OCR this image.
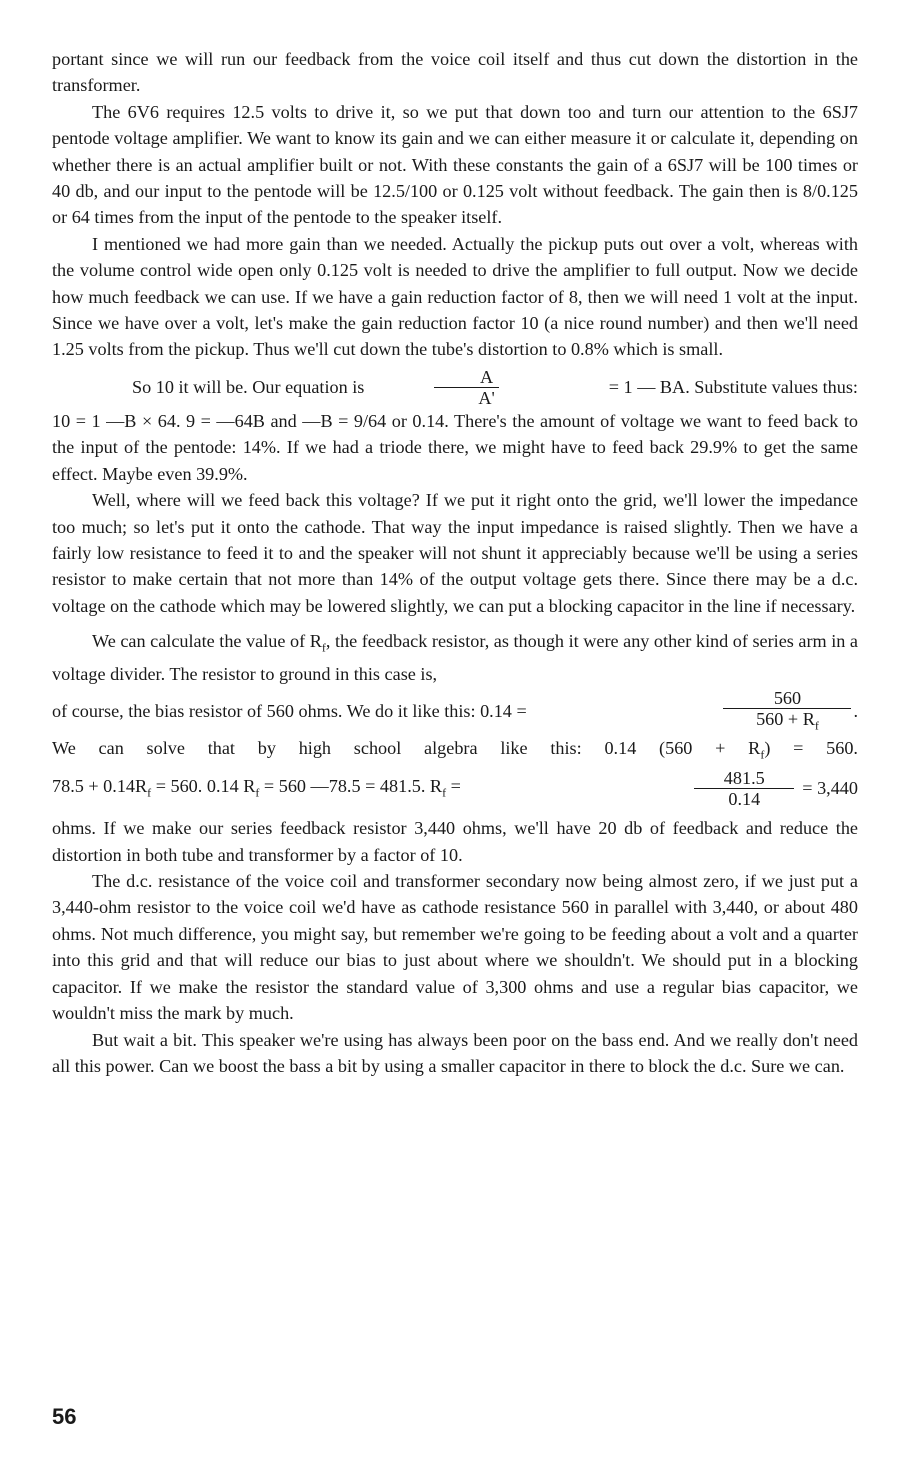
portant since we will run our feedback from the voice coil itself and thus cut down the distortion in the transformer.

The 6V6 requires 12.5 volts to drive it, so we put that down too and turn our attention to the 6SJ7 pentode voltage amplifier. We want to know its gain and we can either measure it or calculate it, depending on whether there is an actual amplifier built or not. With these constants the gain of a 6SJ7 will be 100 times or 40 db, and our input to the pentode will be 12.5/100 or 0.125 volt without feedback. The gain then is 8/0.125 or 64 times from the input of the pentode to the speaker itself.

I mentioned we had more gain than we needed. Actually the pickup puts out over a volt, whereas with the volume control wide open only 0.125 volt is needed to drive the amplifier to full output. Now we decide how much feedback we can use. If we have a gain reduction factor of 8, then we will need 1 volt at the input. Since we have over a volt, let's make the gain reduction factor 10 (a nice round number) and then we'll need 1.25 volts from the pickup. Thus we'll cut down the tube's distortion to 0.8% which is small.

So 10 it will be. Our equation is	$\frac{A}{A'}$	= 1 — BA. Substitute values thus:

10 = 1 —B × 64. 9 = —64B and —B = 9/64 or 0.14. There's the amount of voltage we want to feed back to the input of the pentode: 14%. If we had a triode there, we might have to feed back 29.9% to get the same effect. Maybe even 39.9%.

Well, where will we feed back this voltage? If we put it right onto the grid, we'll lower the impedance too much; so let's put it onto the cathode. That way the input impedance is raised slightly. Then we have a fairly low resistance to feed it to and the speaker will not shunt it appreciably because we'll be using a series resistor to make certain that not more than 14% of the output voltage gets there. Since there may be a d.c. voltage on the cathode which may be lowered slightly, we can put a blocking capacitor in the line if necessary.

We can calculate the value of $R_f$, the feedback resistor, as though it were any other kind of series arm in a voltage divider. The resistor to ground in this case is,

of course, the bias resistor of 560 ohms. We do it like this: 0.14 =	$\frac{560}{560 + R_f}$ .

We can solve that by high school algebra like this: 0.14 $(560 + R_f) = 560$.

$78.5 + 0.14R_f = 560$. 0.14 $R_f = 560$ —78.5 = 481.5. $R_f$ =	$\frac{481.5}{0.14} = 3,440$

ohms. If we make our series feedback resistor 3,440 ohms, we'll have 20 db of feedback and reduce the distortion in both tube and transformer by a factor of 10.

The d.c. resistance of the voice coil and transformer secondary now being almost zero, if we just put a 3,440-ohm resistor to the voice coil we'd have as cathode resistance 560 in parallel with 3,440, or about 480 ohms. Not much difference, you might say, but remember we're going to be feeding about a volt and a quarter into this grid and that will reduce our bias to just about where we shouldn't. We should put in a blocking capacitor. If we make the resistor the standard value of 3,300 ohms and use a regular bias capacitor, we wouldn't miss the mark by much.

But wait a bit. This speaker we're using has always been poor on the bass end. And we really don't need all this power. Can we boost the bass a bit by using a smaller capacitor in there to block the d.c. Sure we can.

56
